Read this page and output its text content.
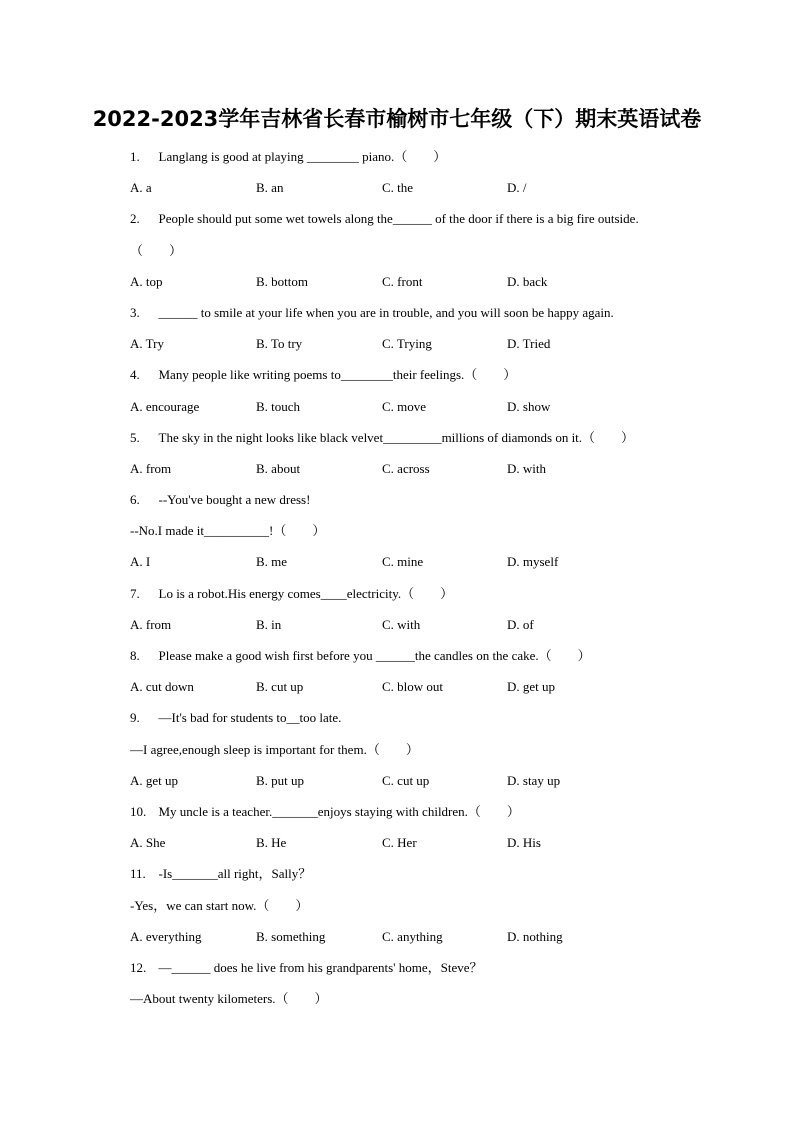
2022-2023学年吉林省长春市榆树市七年级（下）期末英语试卷
1. Langlang is good at playing ________ piano.（　　）
A. a	B. an	C. the	D. /
2. People should put some wet towels along the______ of the door if there is a big fire outside.
（　　）
A. top	B. bottom	C. front	D. back
3. ______ to smile at your life when you are in trouble, and you will soon be happy again.
A. Try	B. To try	C. Trying	D. Tried
4. Many people like writing poems to________their feelings.（　　）
A. encourage	B. touch	C. move	D. show
5. The sky in the night looks like black velvet_________millions of diamonds on it.（　　）
A. from	B. about	C. across	D. with
6. --You've bought a new dress!
--No.I made it__________!（　　）
A. I	B. me	C. mine	D. myself
7. Lo is a robot.His energy comes____electricity.（　　）
A. from	B. in	C. with	D. of
8. Please make a good wish first before you ______the candles on the cake.（　　）
A. cut down	B. cut up	C. blow out	D. get up
9. —It's bad for students to__too late.
—I agree,enough sleep is important for them.（　　）
A. get up	B. put up	C. cut up	D. stay up
10. My uncle is a teacher._______enjoys staying with children.（　　）
A. She	B. He	C. Her	D. His
11. -Is_______all right，Sally？
-Yes，we can start now.（　　）
A. everything	B. something	C. anything	D. nothing
12. —______ does he live from his grandparents' home，Steve？
—About twenty kilometers.（　　）
